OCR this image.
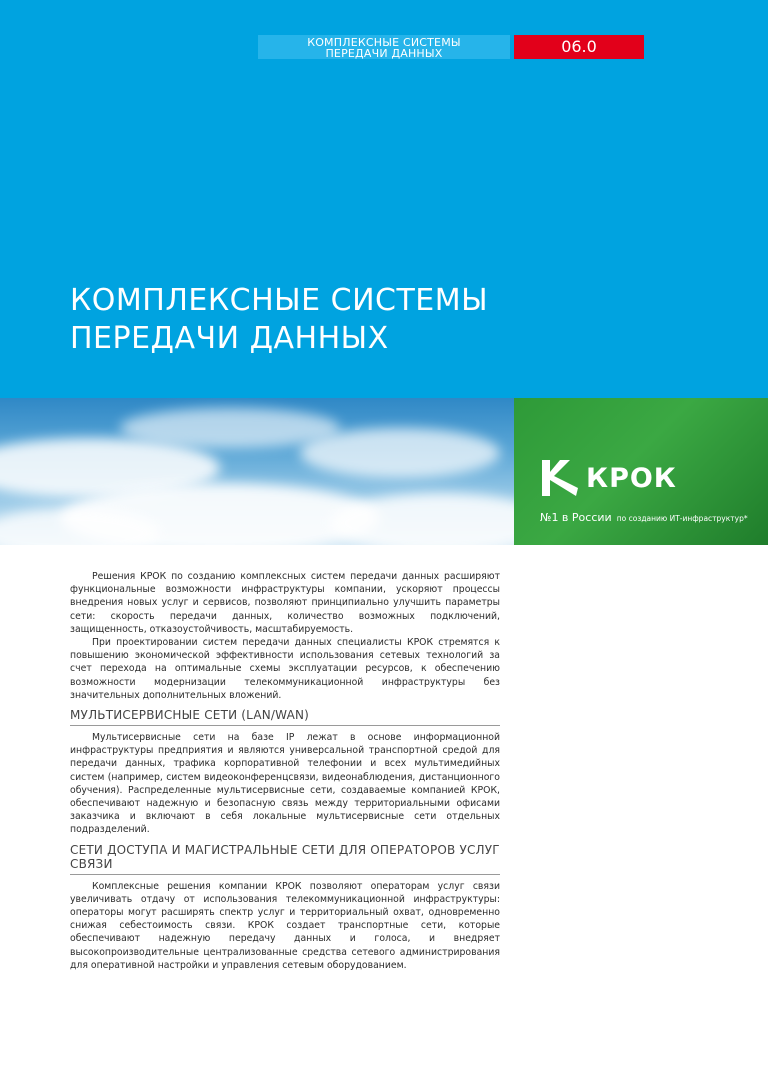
КОМПЛЕКСНЫЕ СИСТЕМЫ
ПЕРЕДАЧИ ДАННЫХ	06.0
КОМПЛЕКСНЫЕ СИСТЕМЫ
ПЕРЕДАЧИ ДАННЫХ
КРОК
№1 в России по созданию ИТ-инфраструктур*

Решения КРОК по созданию комплексных систем передачи данных расширяют функциональные возможности инфраструктуры компании, ускоряют процессы внедрения новых услуг и сервисов, позволяют принципиально улучшить параметры сети: скорость передачи данных, количество возможных подключений, защищенность, отказоустойчивость, масштабируемость.

При проектировании систем передачи данных специалисты КРОК стремятся к повышению экономической эффективности использования сетевых технологий за счет перехода на оптимальные схемы эксплуатации ресурсов, к обеспечению возможности модернизации телекоммуникационной инфраструктуры без значительных дополнительных вложений.

МУЛЬТИСЕРВИСНЫЕ СЕТИ (LAN/WAN)

Мультисервисные сети на базе IP лежат в основе информационной инфраструктуры предприятия и являются универсальной транспортной средой для передачи данных, трафика корпоративной телефонии и всех мультимедийных систем (например, систем видеоконференцсвязи, видеонаблюдения, дистанционного обучения). Распределенные мультисервисные сети, создаваемые компанией КРОК, обеспечивают надежную и безопасную связь между территориальными офисами заказчика и включают в себя локальные мультисервисные сети отдельных подразделений.

СЕТИ ДОСТУПА И МАГИСТРАЛЬНЫЕ СЕТИ ДЛЯ ОПЕРАТОРОВ УСЛУГ СВЯЗИ

Комплексные решения компании КРОК позволяют операторам услуг связи увеличивать отдачу от использования телекоммуникационной инфраструктуры: операторы могут расширять спектр услуг и территориальный охват, одновременно снижая себестоимость связи. КРОК создает транспортные сети, которые обеспечивают надежную передачу данных и голоса, и внедряет высокопроизводительные централизованные средства сетевого администрирования для оперативной настройки и управления сетевым оборудованием.
